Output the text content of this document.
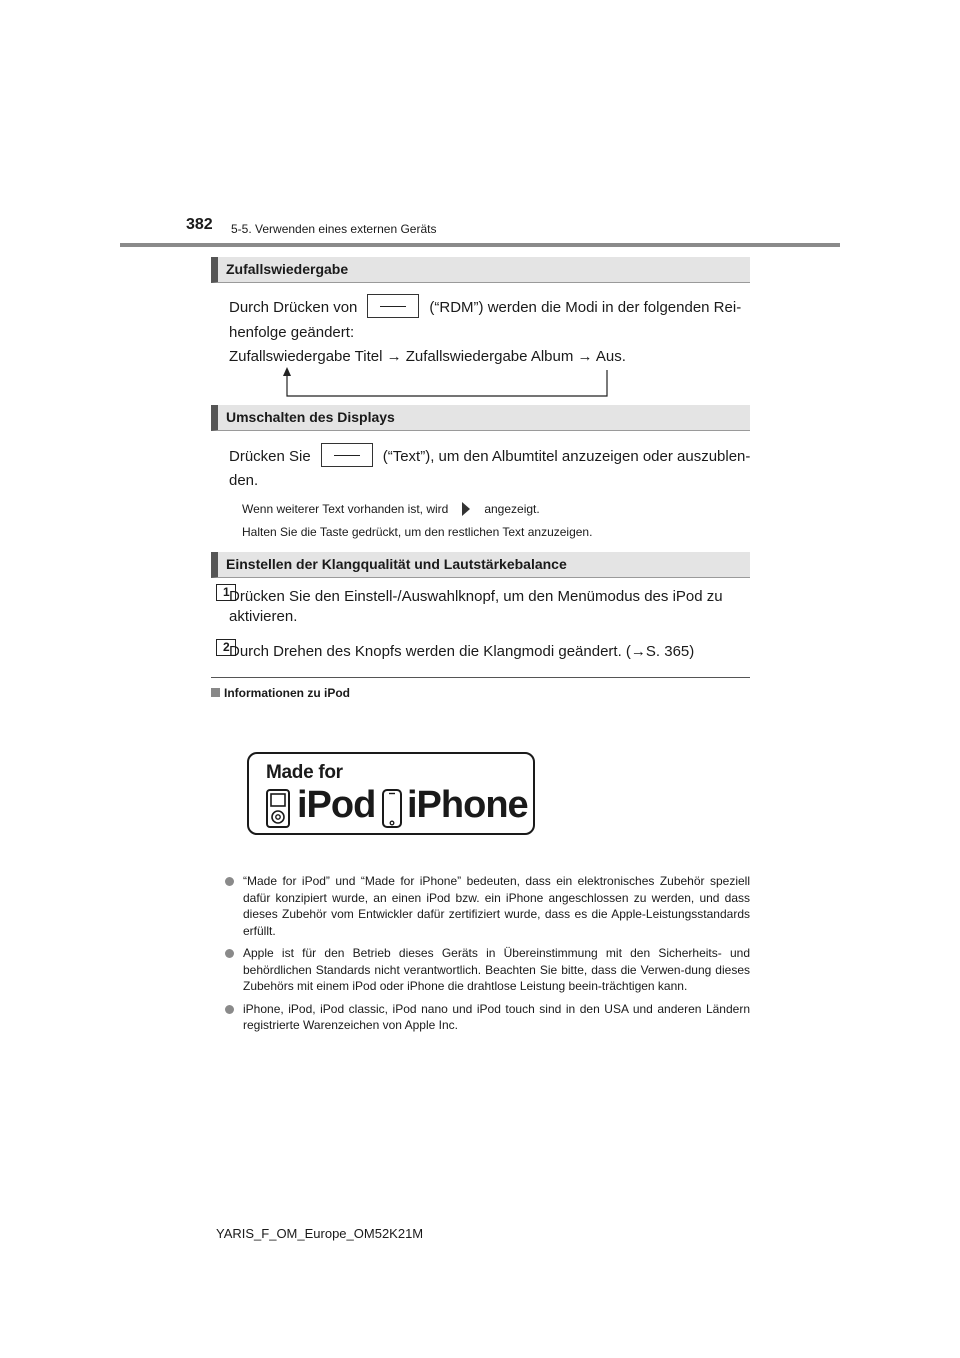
382 5-5. Verwenden eines externen Geräts
Zufallswiedergabe
Durch Drücken von	(“RDM”) werden die Modi in der folgenden Rei-
henfolge geändert:
Zufallswiedergabe Titel → Zufallswiedergabe Album → Aus.
Umschalten des Displays
Drücken Sie	(“Text”), um den Albumtitel anzuzeigen oder auszublen-
den.
Wenn weiterer Text vorhanden ist, wird	angezeigt.
Halten Sie die Taste gedrückt, um den restlichen Text anzuzeigen.
Einstellen der Klangqualität und Lautstärkebalance
1 Drücken Sie den Einstell-/Auswahlknopf, um den Menümodus des iPod zu
aktivieren.
2 Durch Drehen des Knopfs werden die Klangmodi geändert. (→S. 365)
Informationen zu iPod
Made for
iPod iPhone
“Made for iPod” und “Made for iPhone” bedeuten, dass ein elektronisches Zubehör speziell dafür konzipiert wurde, an einen iPod bzw. ein iPhone angeschlossen zu werden, und dass dieses Zubehör vom Entwickler dafür zertifiziert wurde, dass es die Apple-Leistungsstandards erfüllt.
Apple ist für den Betrieb dieses Geräts in Übereinstimmung mit den Sicherheits- und behördlichen Standards nicht verantwortlich. Beachten Sie bitte, dass die Verwen-dung dieses Zubehörs mit einem iPod oder iPhone die drahtlose Leistung beein-trächtigen kann.
iPhone, iPod, iPod classic, iPod nano und iPod touch sind in den USA und anderen Ländern registrierte Warenzeichen von Apple Inc.
YARIS_F_OM_Europe_OM52K21M
